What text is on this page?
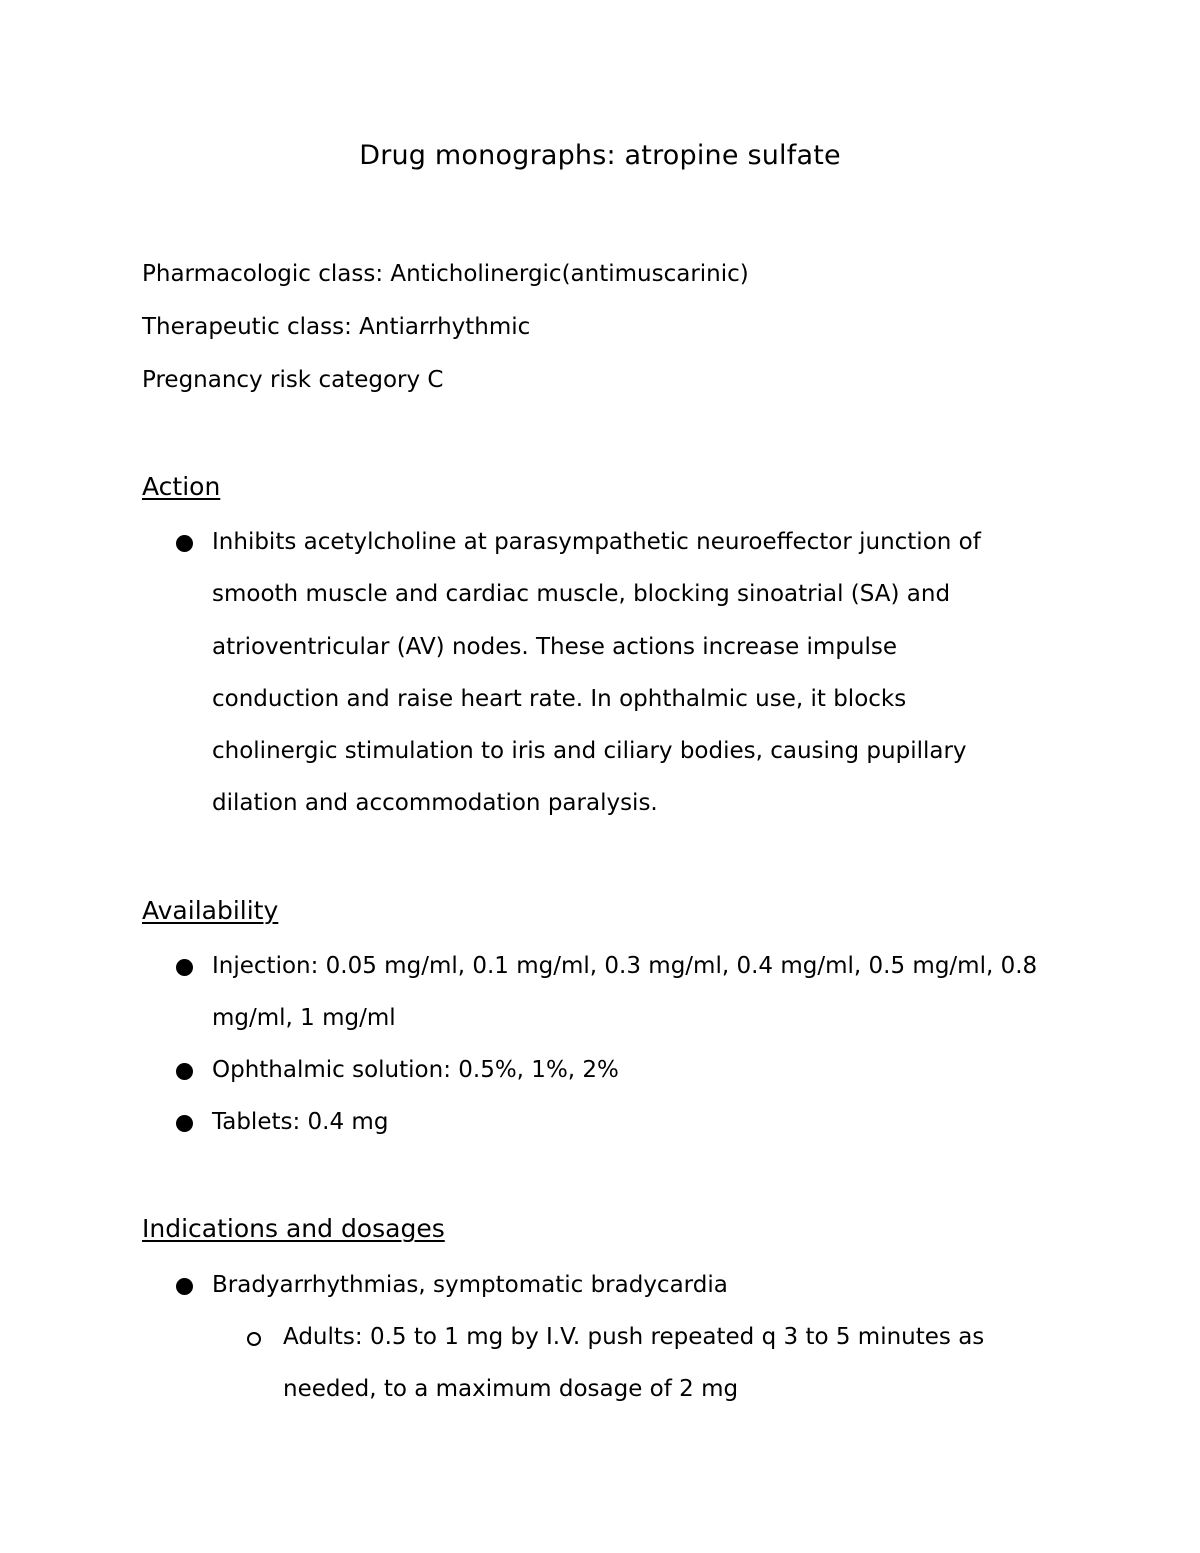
Drug monographs: atropine sulfate
Pharmacologic class: Anticholinergic(antimuscarinic)
Therapeutic class: Antiarrhythmic
Pregnancy risk category C
Action
Inhibits acetylcholine at parasympathetic neuroeffector junction of
smooth muscle and cardiac muscle, blocking sinoatrial (SA) and
atrioventricular (AV) nodes. These actions increase impulse
conduction and raise heart rate. In ophthalmic use, it blocks
cholinergic stimulation to iris and ciliary bodies, causing pupillary
dilation and accommodation paralysis.
Availability
Injection: 0.05 mg/ml, 0.1 mg/ml, 0.3 mg/ml, 0.4 mg/ml, 0.5 mg/ml, 0.8
mg/ml, 1 mg/ml
Ophthalmic solution: 0.5%, 1%, 2%
Tablets: 0.4 mg
Indications and dosages
Bradyarrhythmias, symptomatic bradycardia
Adults: 0.5 to 1 mg by I.V. push repeated q 3 to 5 minutes as
needed, to a maximum dosage of 2 mg
